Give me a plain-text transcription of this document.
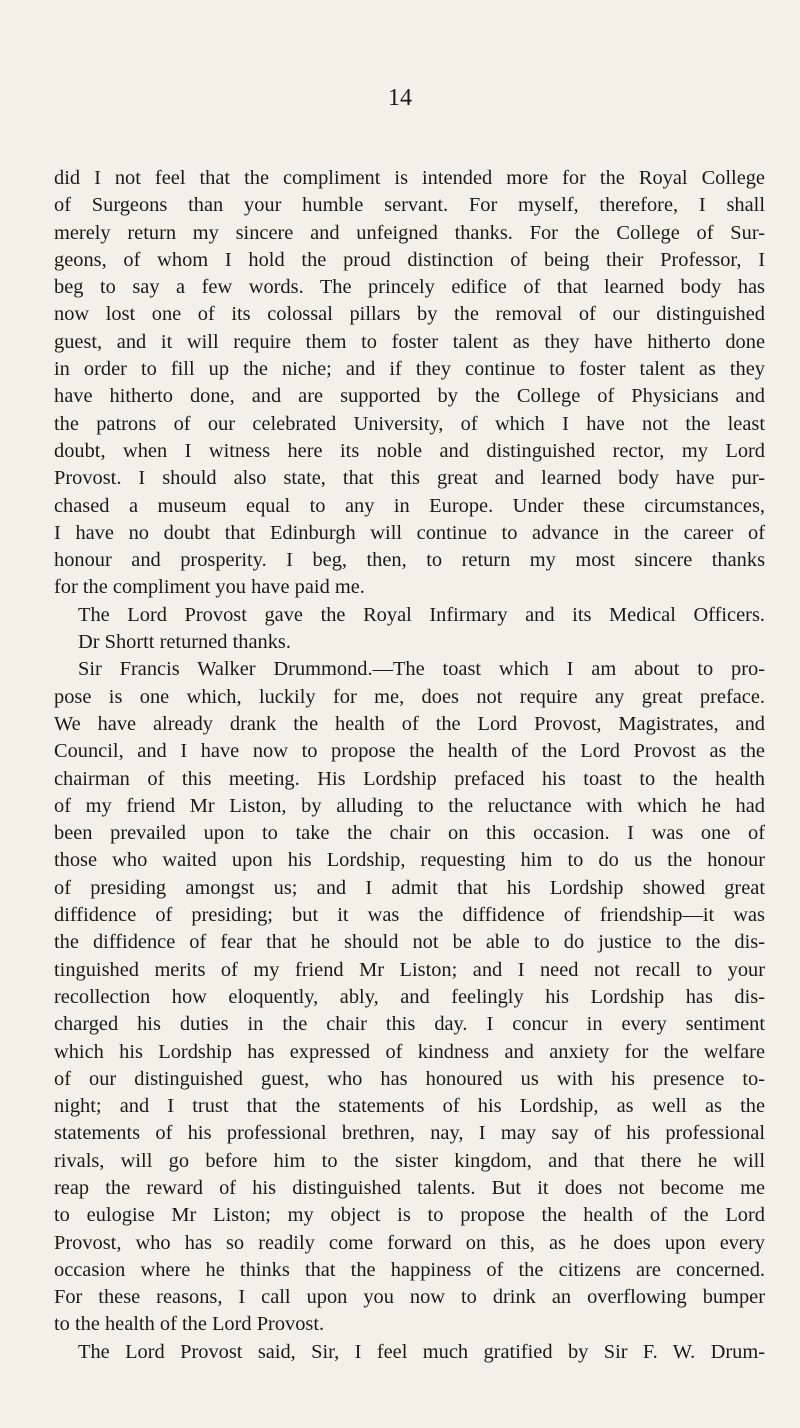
14
did I not feel that the compliment is intended more for the Royal College
of Surgeons than your humble servant. For myself, therefore, I shall
merely return my sincere and unfeigned thanks. For the College of Sur-
geons, of whom I hold the proud distinction of being their Professor, I
beg to say a few words. The princely edifice of that learned body has
now lost one of its colossal pillars by the removal of our distinguished
guest, and it will require them to foster talent as they have hitherto done
in order to fill up the niche; and if they continue to foster talent as they
have hitherto done, and are supported by the College of Physicians and
the patrons of our celebrated University, of which I have not the least
doubt, when I witness here its noble and distinguished rector, my Lord
Provost. I should also state, that this great and learned body have pur-
chased a museum equal to any in Europe. Under these circumstances,
I have no doubt that Edinburgh will continue to advance in the career of
honour and prosperity. I beg, then, to return my most sincere thanks
for the compliment you have paid me.
The Lord Provost gave the Royal Infirmary and its Medical Officers.
Dr Shortt returned thanks.
Sir Francis Walker Drummond.—The toast which I am about to pro-
pose is one which, luckily for me, does not require any great preface.
We have already drank the health of the Lord Provost, Magistrates, and
Council, and I have now to propose the health of the Lord Provost as the
chairman of this meeting. His Lordship prefaced his toast to the health
of my friend Mr Liston, by alluding to the reluctance with which he had
been prevailed upon to take the chair on this occasion. I was one of
those who waited upon his Lordship, requesting him to do us the honour
of presiding amongst us; and I admit that his Lordship showed great
diffidence of presiding; but it was the diffidence of friendship—it was
the diffidence of fear that he should not be able to do justice to the dis-
tinguished merits of my friend Mr Liston; and I need not recall to your
recollection how eloquently, ably, and feelingly his Lordship has dis-
charged his duties in the chair this day. I concur in every sentiment
which his Lordship has expressed of kindness and anxiety for the welfare
of our distinguished guest, who has honoured us with his presence to-
night; and I trust that the statements of his Lordship, as well as the
statements of his professional brethren, nay, I may say of his professional
rivals, will go before him to the sister kingdom, and that there he will
reap the reward of his distinguished talents. But it does not become me
to eulogise Mr Liston; my object is to propose the health of the Lord
Provost, who has so readily come forward on this, as he does upon every
occasion where he thinks that the happiness of the citizens are concerned.
For these reasons, I call upon you now to drink an overflowing bumper
to the health of the Lord Provost.
The Lord Provost said, Sir, I feel much gratified by Sir F. W. Drum-
